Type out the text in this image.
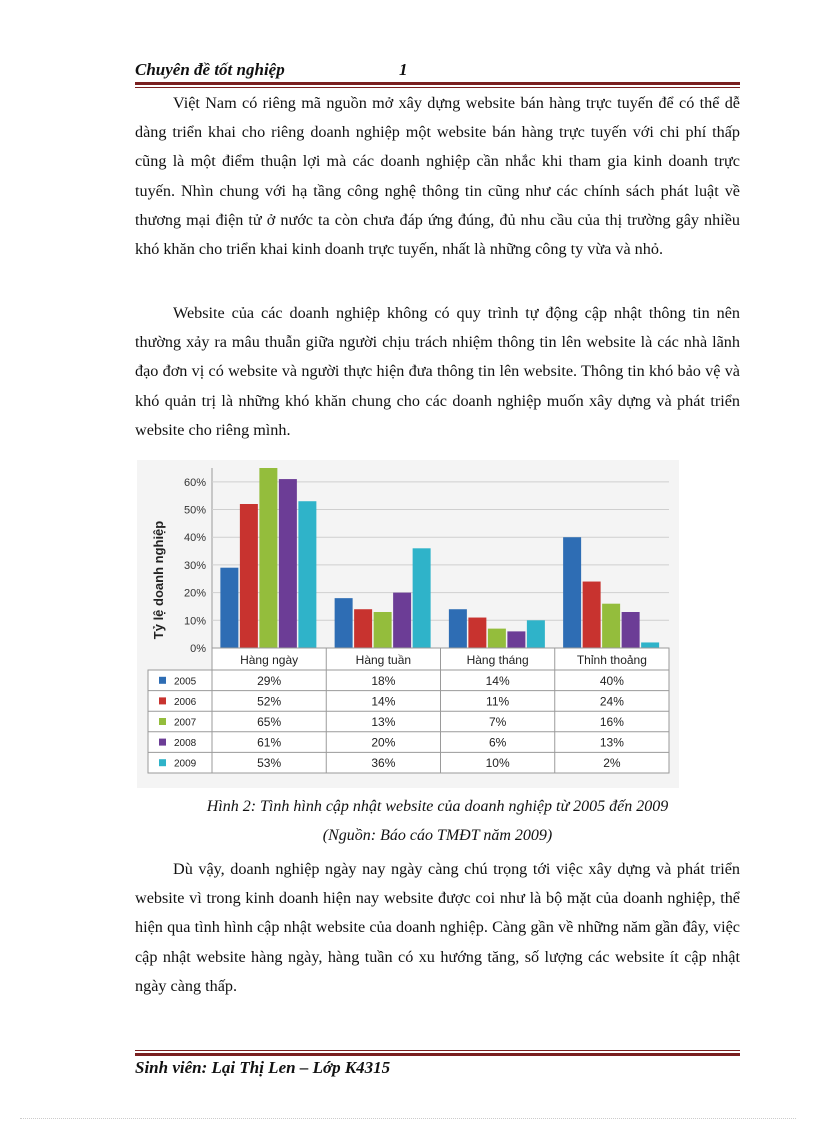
Chuyên đề tốt nghiệp	1

Việt Nam có riêng mã nguồn mở xây dựng website bán hàng trực tuyến để có thể dễ dàng triển khai cho riêng doanh nghiệp một website bán hàng trực tuyến với chi phí thấp cũng là một điểm thuận lợi mà các doanh nghiệp cần nhắc khi tham gia kinh doanh trực tuyến. Nhìn chung với hạ tầng công nghệ thông tin cũng như các chính sách phát luật về thương mại điện tử ở nước ta còn chưa đáp ứng đúng, đủ nhu cầu của thị trường gây nhiều khó khăn cho triển khai kinh doanh trực tuyến, nhất là những công ty vừa và nhỏ.

Website của các doanh nghiệp không có quy trình tự động cập nhật thông tin nên thường xảy ra mâu thuẫn giữa người chịu trách nhiệm thông tin lên website là các nhà lãnh đạo đơn vị có website và người thực hiện đưa thông tin lên website. Thông tin khó bảo vệ và khó quản trị là những khó khăn chung cho các doanh nghiệp muốn xây dựng và phát triển website cho riêng mình.

0%
10%
20%
30%
40%
50%
60%
Tỷ lệ doanh nghiệp
Hàng ngày	Hàng tuần	Hàng tháng	Thỉnh thoảng
2005	29%	18%	14%	40%
2006	52%	14%	11%	24%
2007	65%	13%	7%	16%
2008	61%	20%	6%	13%
2009	53%	36%	10%	2%
Hình 2: Tình hình cập nhật website của doanh nghiệp từ 2005 đến 2009
(Nguồn: Báo cáo TMĐT năm 2009)

Dù vậy, doanh nghiệp ngày nay ngày càng chú trọng tới việc xây dựng và phát triển website vì trong kinh doanh hiện nay website được coi như là bộ mặt của doanh nghiệp, thể hiện qua tình hình cập nhật website của doanh nghiệp. Càng gần về những năm gần đây, việc cập nhật website hàng ngày, hàng tuần có xu hướng tăng, số lượng các website ít cập nhật ngày càng thấp.

Sinh viên: Lại Thị Len – Lớp K4315
